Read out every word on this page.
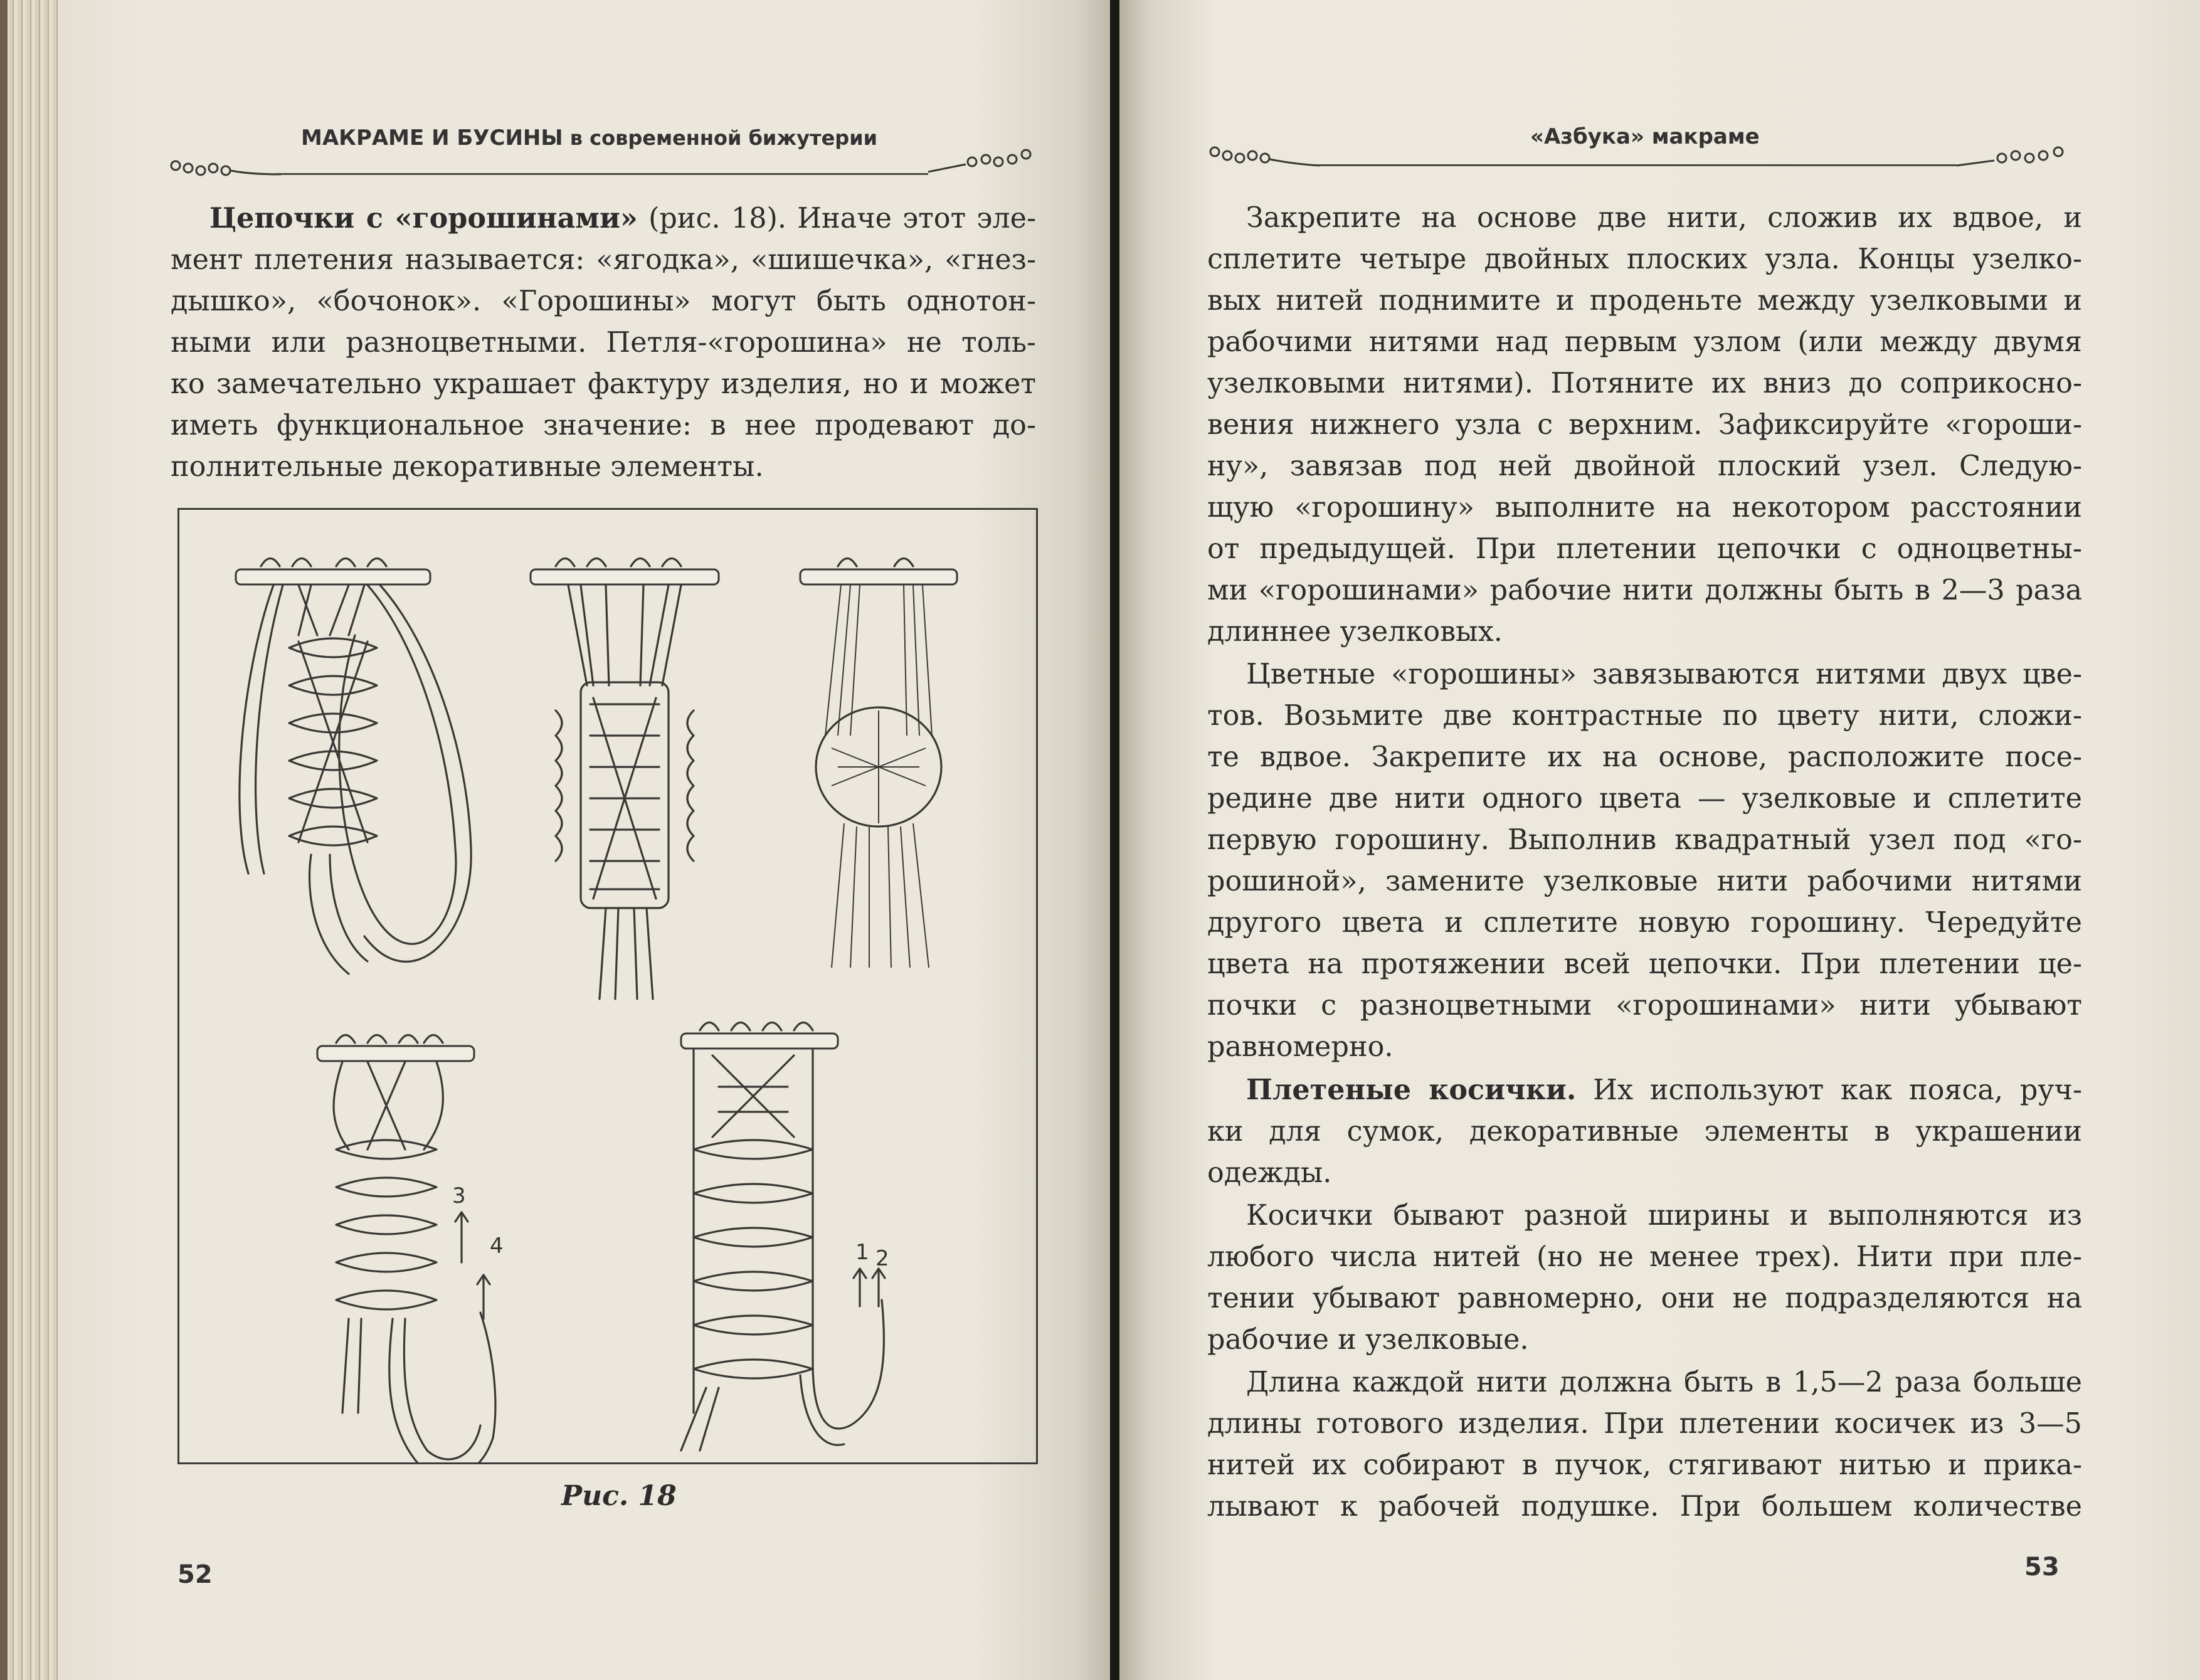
МАКРАМЕ И БУСИНЫ в современной бижутерии
Цепочки с «горошинами» (рис. 18). Иначе этот эле-
мент плетения называется: «ягодка», «шишечка», «гнез-
дышко», «бочонок». «Горошины» могут быть однотон-
ными или разноцветными. Петля-«горошина» не толь-
ко замечательно украшает фактуру изделия, но и может
иметь функциональное значение: в нее продевают до-
полнительные декоративные элементы.
3
4	1 2
Рис. 18
52
«Азбука» макраме
Закрепите на основе две нити, сложив их вдвое, и
сплетите четыре двойных плоских узла. Концы узелко-
вых нитей поднимите и проденьте между узелковыми и
рабочими нитями над первым узлом (или между двумя
узелковыми нитями). Потяните их вниз до соприкосно-
вения нижнего узла с верхним. Зафиксируйте «гороши-
ну», завязав под ней двойной плоский узел. Следую-
щую «горошину» выполните на некотором расстоянии
от предыдущей. При плетении цепочки с одноцветны-
ми «горошинами» рабочие нити должны быть в 2—3 раза
длиннее узелковых.
Цветные «горошины» завязываются нитями двух цве-
тов. Возьмите две контрастные по цвету нити, сложи-
те вдвое. Закрепите их на основе, расположите посе-
редине две нити одного цвета — узелковые и сплетите
первую горошину. Выполнив квадратный узел под «го-
рошиной», замените узелковые нити рабочими нитями
другого цвета и сплетите новую горошину. Чередуйте
цвета на протяжении всей цепочки. При плетении це-
почки с разноцветными «горошинами» нити убывают
равномерно.
Плетеные косички. Их используют как пояса, руч-
ки для сумок, декоративные элементы в украшении
одежды.
Косички бывают разной ширины и выполняются из
любого числа нитей (но не менее трех). Нити при пле-
тении убывают равномерно, они не подразделяются на
рабочие и узелковые.
Длина каждой нити должна быть в 1,5—2 раза больше
длины готового изделия. При плетении косичек из 3—5
нитей их собирают в пучок, стягивают нитью и прика-
лывают к рабочей подушке. При большем количестве
53
